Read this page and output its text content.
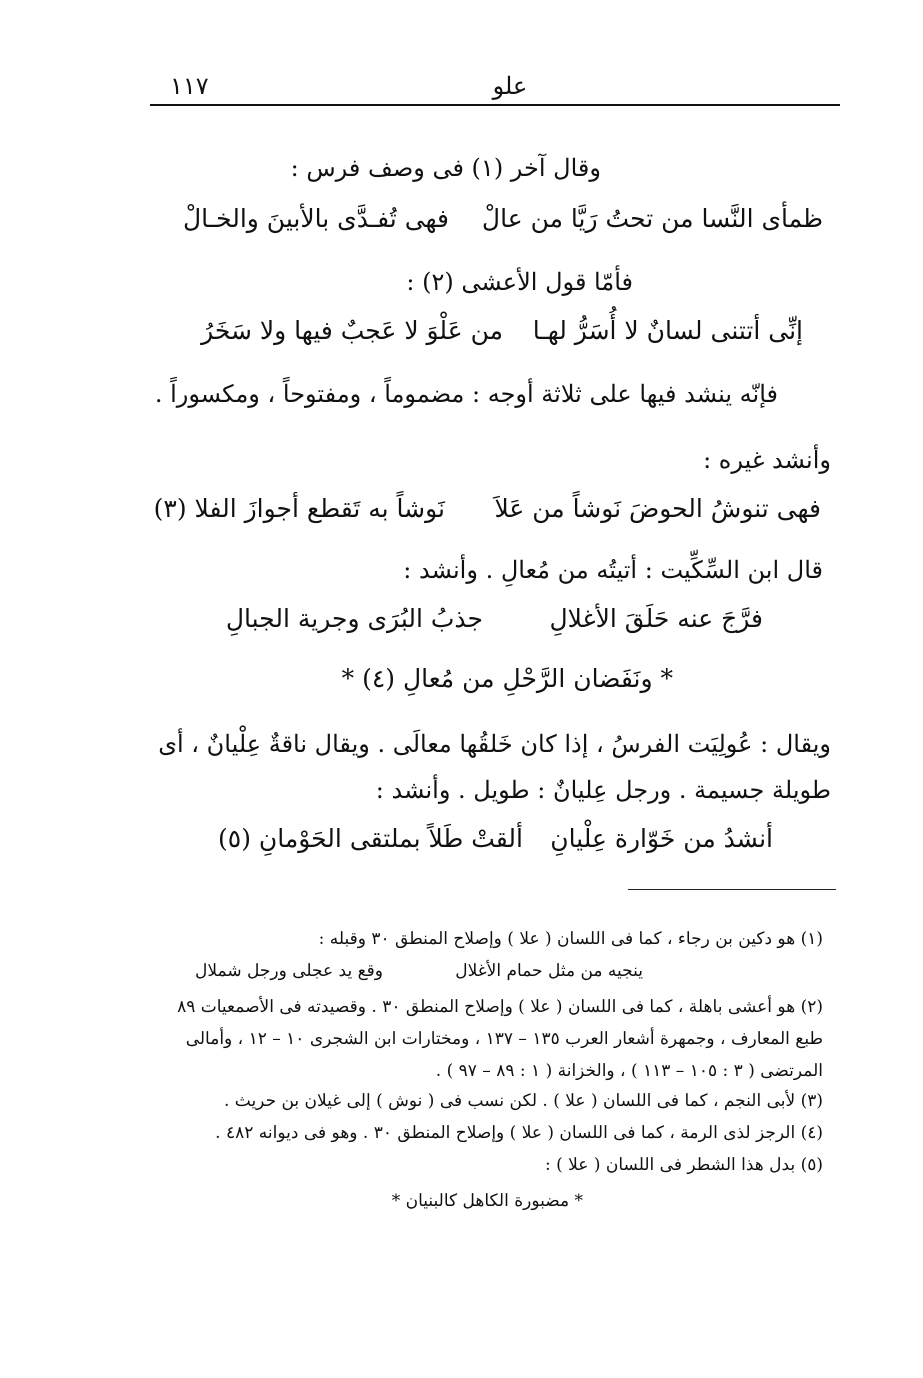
١١٧	علو
وقال آخر (١) فى وصف فرس :
ظمأى النَّسا من تحتُ رَيَّا من عالْ
فهى تُفـدَّى بالأبينَ والخـالْ
فأمّا قول الأعشى (٢) :
إنِّى أتتنى لسانٌ لا أُسَرُّ لهـا
من عَلْوَ لا عَجبٌ فيها ولا سَخَرُ
فإنّه ينشد فيها على ثلاثة أوجه : مضموماً ، ومفتوحاً ، ومكسوراً .
وأنشد غيره :
فهى تنوشُ الحوضَ نَوشاً من عَلاَ
نَوشاً به تَقطع أجوازَ الفلا (٣)
قال ابن السِّكِّيت : أتيتُه من مُعالِ . وأنشد :
فرَّجَ عنه حَلَقَ الأغلالِ
جذبُ البُرَى وجرية الجبالِ
* ونَفَضان الرَّحْلِ من مُعالِ (٤) *
ويقال : عُولِيَت الفرسُ ، إذا كان خَلقُها معالَى . ويقال ناقةٌ عِلْيانٌ ، أى
طويلة جسيمة . ورجل عِليانٌ : طويل . وأنشد :
أنشدُ من خَوّارة عِلْيانِ
ألقتْ طَلاً بملتقى الحَوْمانِ (٥)
(١) هو دكين بن رجاء ، كما فى اللسان ( علا ) وإصلاح المنطق ٣٠ وقبله :
ينجيه من مثل حمام الأغلال
وقع يد عجلى ورجل شملال
(٢) هو أعشى باهلة ، كما فى اللسان ( علا ) وإصلاح المنطق ٣٠ . وقصيدته فى الأصمعيات ٨٩
طبع المعارف ، وجمهرة أشعار العرب ١٣٥ – ١٣٧ ، ومختارات ابن الشجرى ١٠ – ١٢ ، وأمالى
المرتضى ( ٣ : ١٠٥ – ١١٣ ) ، والخزانة ( ١ : ٨٩ – ٩٧ ) .
(٣) لأبى النجم ، كما فى اللسان ( علا ) . لكن نسب فى ( نوش ) إلى غيلان بن حريث .
(٤) الرجز لذى الرمة ، كما فى اللسان ( علا ) وإصلاح المنطق ٣٠ . وهو فى ديوانه ٤٨٢ .
(٥) بدل هذا الشطر فى اللسان ( علا ) :
* مضبورة الكاهل كالبنيان *
